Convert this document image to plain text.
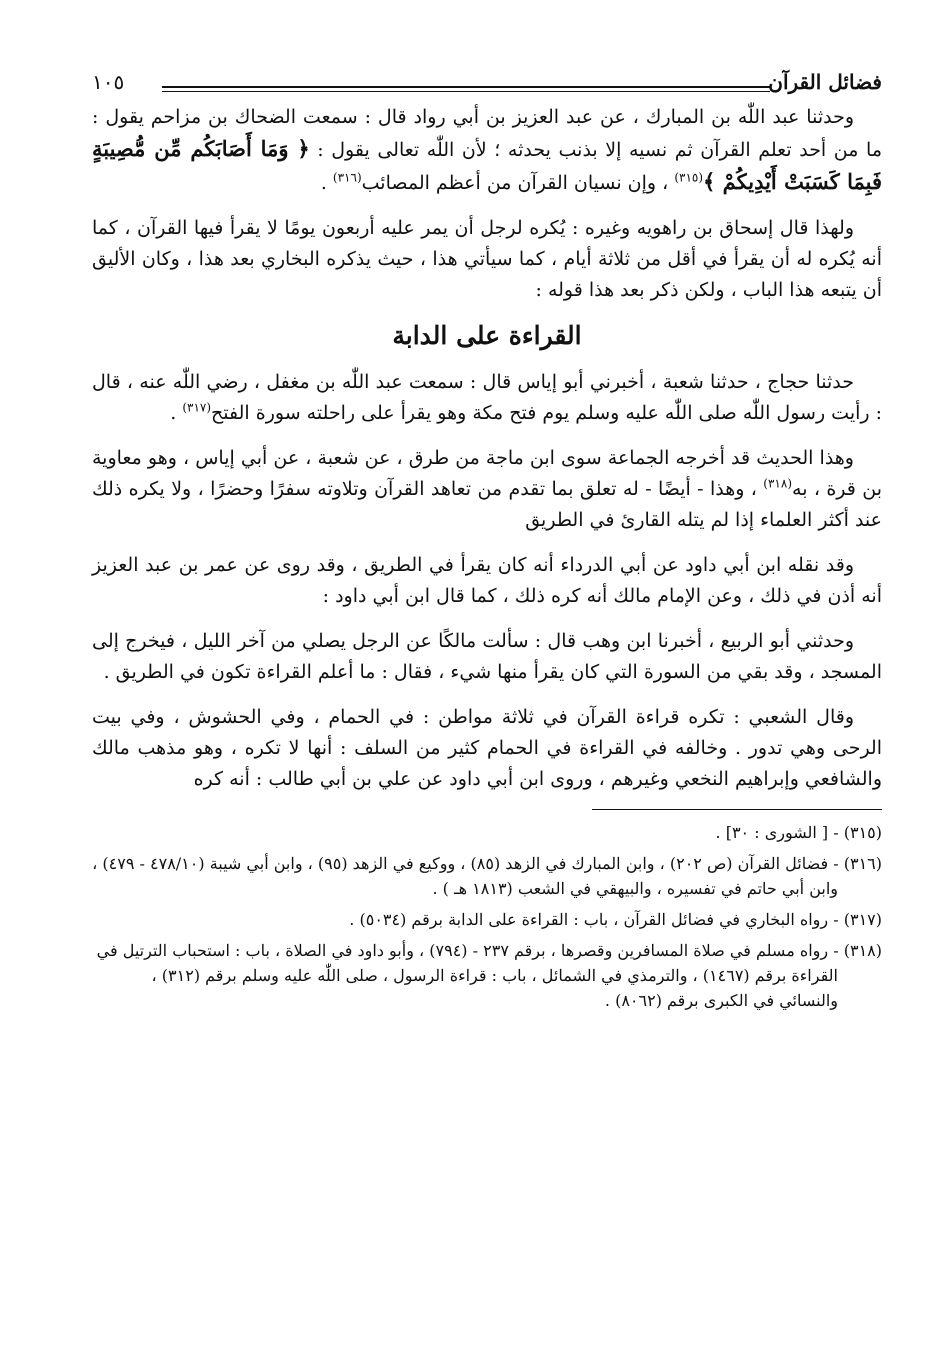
فضائل القرآن
١٠٥

وحدثنا عبد اللّٰه بن المبارك ، عن عبد العزيز بن أبي رواد قال : سمعت الضحاك بن مزاحم يقول : ما من أحد تعلم القرآن ثم نسيه إلا بذنب يحدثه ؛ لأن اللّٰه تعالى يقول : ﴿ وَمَا أَصَابَكُم مِّن مُّصِيبَةٍ فَبِمَا كَسَبَتْ أَيْدِيكُمْ ﴾$^{(٣١٥)}$ ، وإن نسيان القرآن من أعظم المصائب$^{(٣١٦)}$ .

ولهذا قال إسحاق بن راهويه وغيره : يُكره لرجل أن يمر عليه أربعون يومًا لا يقرأ فيها القرآن ، كما أنه يُكره له أن يقرأ في أقل من ثلاثة أيام ، كما سيأتي هذا ، حيث يذكره البخاري بعد هذا ، وكان الأليق أن يتبعه هذا الباب ، ولكن ذكر بعد هذا قوله :

القراءة على الدابة

حدثنا حجاج ، حدثنا شعبة ، أخبرني أبو إياس قال : سمعت عبد اللّٰه بن مغفل ، رضي اللّٰه عنه ، قال : رأيت رسول اللّٰه صلى اللّٰه عليه وسلم يوم فتح مكة وهو يقرأ على راحلته سورة الفتح$^{(٣١٧)}$ .

وهذا الحديث قد أخرجه الجماعة سوى ابن ماجة من طرق ، عن شعبة ، عن أبي إياس ، وهو معاوية بن قرة ، به$^{(٣١٨)}$ ، وهذا - أيضًا - له تعلق بما تقدم من تعاهد القرآن وتلاوته سفرًا وحضرًا ، ولا يكره ذلك عند أكثر العلماء إذا لم يتله القارئ في الطريق

وقد نقله ابن أبي داود عن أبي الدرداء أنه كان يقرأ في الطريق ، وقد روى عن عمر بن عبد العزيز أنه أذن في ذلك ، وعن الإمام مالك أنه كره ذلك ، كما قال ابن أبي داود :

وحدثني أبو الربيع ، أخبرنا ابن وهب قال : سألت مالكًا عن الرجل يصلي من آخر الليل ، فيخرج إلى المسجد ، وقد بقي من السورة التي كان يقرأ منها شيء ، فقال : ما أعلم القراءة تكون في الطريق .

وقال الشعبي : تكره قراءة القرآن في ثلاثة مواطن : في الحمام ، وفي الحشوش ، وفي بيت الرحى وهي تدور . وخالفه في القراءة في الحمام كثير من السلف : أنها لا تكره ، وهو مذهب مالك والشافعي وإبراهيم النخعي وغيرهم ، وروى ابن أبي داود عن علي بن أبي طالب : أنه كره

(٣١٥) - [ الشورى : ٣٠] .

(٣١٦) - فضائل القرآن (ص ٢٠٢) ، وابن المبارك في الزهد (٨٥) ، ووكيع في الزهد (٩٥) ، وابن أبي شيبة (٤٧٨/١٠ - ٤٧٩) ، وابن أبي حاتم في تفسيره ، والبيهقي في الشعب (١٨١٣ هـ ) .

(٣١٧) - رواه البخاري في فضائل القرآن ، باب : القراءة على الدابة برقم (٥٠٣٤) .

(٣١٨) - رواه مسلم في صلاة المسافرين وقصرها ، برقم ٢٣٧ - (٧٩٤) ، وأبو داود في الصلاة ، باب : استحباب الترتيل في القراءة برقم (١٤٦٧) ، والترمذي في الشمائل ، باب : قراءة الرسول ، صلى اللّٰه عليه وسلم برقم (٣١٢) ، والنسائي في الكبرى برقم (٨٠٦٢) .
